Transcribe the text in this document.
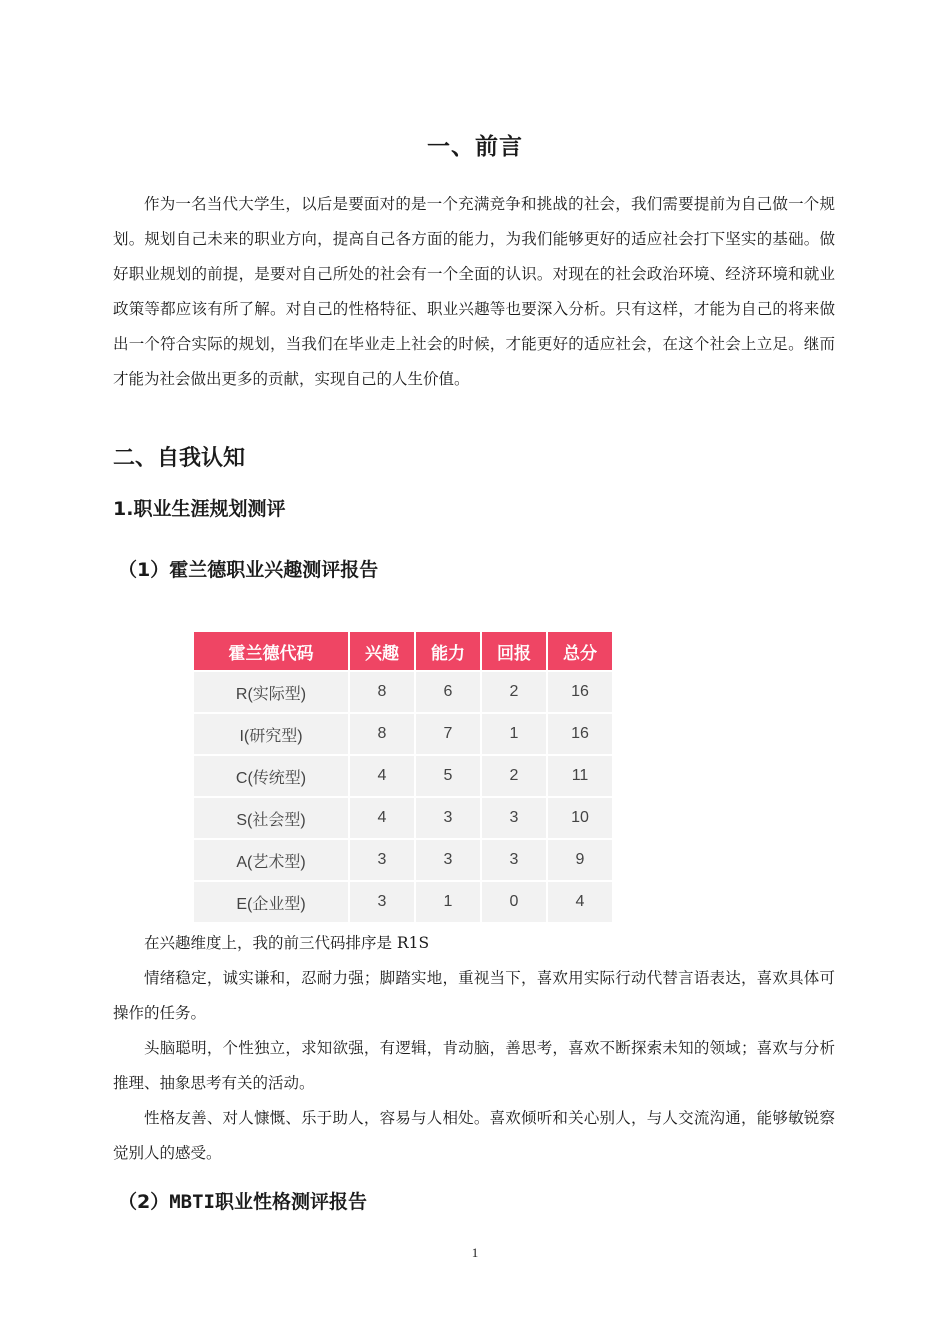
一、前言

作为一名当代大学生，以后是要面对的是一个充满竞争和挑战的社会，我们需要提前为自己做一个规划。规划自己未来的职业方向，提高自己各方面的能力，为我们能够更好的适应社会打下坚实的基础。做好职业规划的前提，是要对自己所处的社会有一个全面的认识。对现在的社会政治环境、经济环境和就业政策等都应该有所了解。对自己的性格特征、职业兴趣等也要深入分析。只有这样，才能为自己的将来做出一个符合实际的规划，当我们在毕业走上社会的时候，才能更好的适应社会，在这个社会上立足。继而才能为社会做出更多的贡献，实现自己的人生价值。

二、自我认知
1.职业生涯规划测评
（1）霍兰德职业兴趣测评报告
霍兰德代码	兴趣	能力	回报	总分
R(实际型)	8	6	2	16
I(研究型)	8	7	1	16
C(传统型)	4	5	2	11
S(社会型)	4	3	3	10
A(艺术型)	3	3	3	9
E(企业型)	3	1	0	4

在兴趣维度上，我的前三代码排序是 R1S

情绪稳定，诚实谦和，忍耐力强；脚踏实地，重视当下，喜欢用实际行动代替言语表达，喜欢具体可操作的任务。

头脑聪明，个性独立，求知欲强，有逻辑，肯动脑，善思考，喜欢不断探索未知的领域；喜欢与分析推理、抽象思考有关的活动。

性格友善、对人慷慨、乐于助人，容易与人相处。喜欢倾听和关心别人，与人交流沟通，能够敏锐察觉别人的感受。

（2）MBTI职业性格测评报告
1
